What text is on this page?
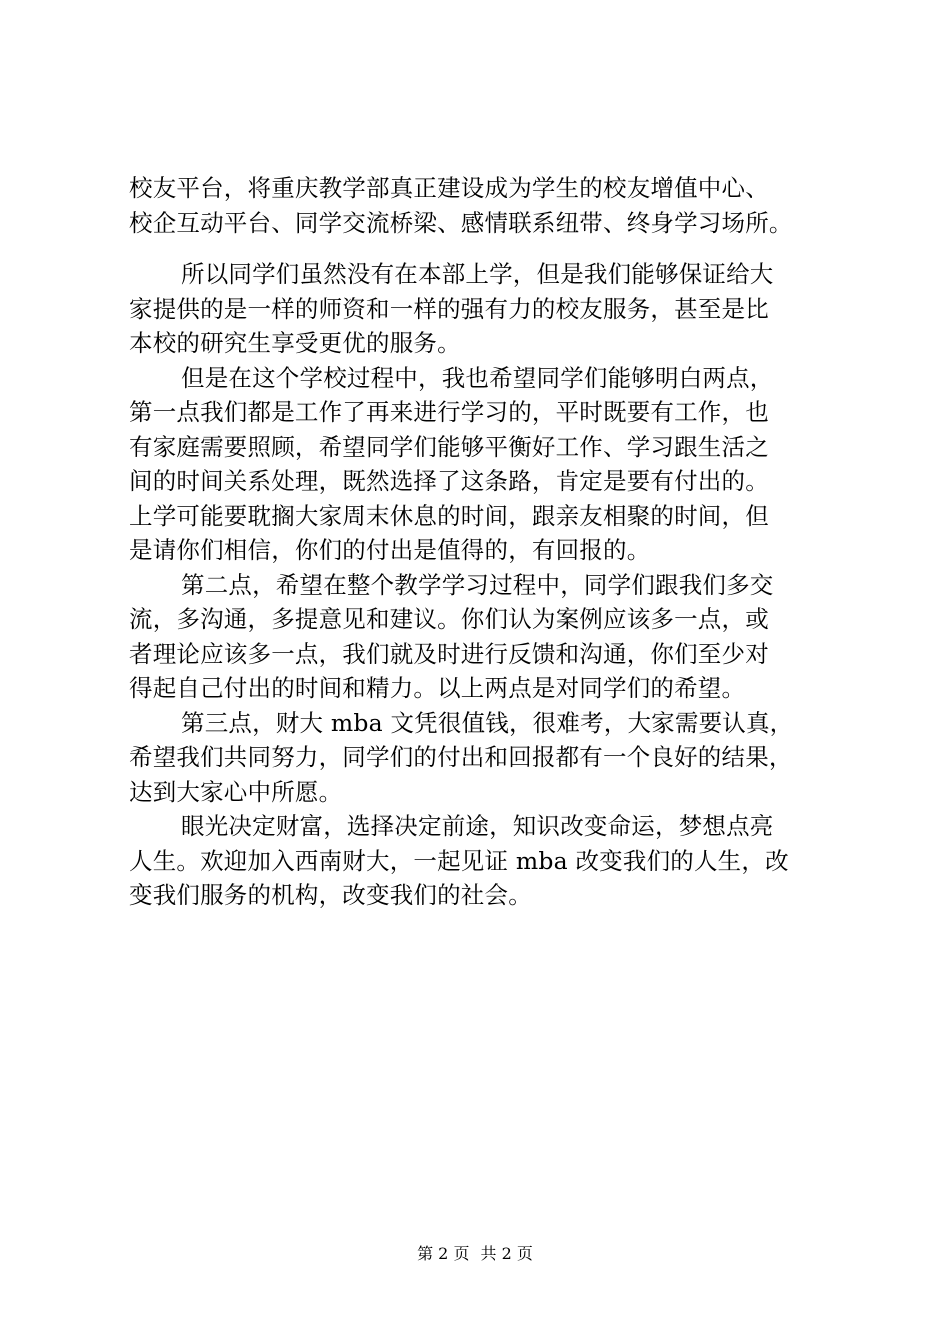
校友平台，将重庆教学部真正建设成为学生的校友增值中心、
校企互动平台、同学交流桥梁、感情联系纽带、终身学习场所。
所以同学们虽然没有在本部上学，但是我们能够保证给大
家提供的是一样的师资和一样的强有力的校友服务，甚至是比
本校的研究生享受更优的服务。
但是在这个学校过程中，我也希望同学们能够明白两点，
第一点我们都是工作了再来进行学习的，平时既要有工作，也
有家庭需要照顾，希望同学们能够平衡好工作、学习跟生活之
间的时间关系处理，既然选择了这条路，肯定是要有付出的。
上学可能要耽搁大家周末休息的时间，跟亲友相聚的时间，但
是请你们相信，你们的付出是值得的，有回报的。
第二点，希望在整个教学学习过程中，同学们跟我们多交
流，多沟通，多提意见和建议。你们认为案例应该多一点，或
者理论应该多一点，我们就及时进行反馈和沟通，你们至少对
得起自己付出的时间和精力。以上两点是对同学们的希望。
第三点，财大 mba 文凭很值钱，很难考，大家需要认真，
希望我们共同努力，同学们的付出和回报都有一个良好的结果，
达到大家心中所愿。
眼光决定财富，选择决定前途，知识改变命运，梦想点亮
人生。欢迎加入西南财大，一起见证 mba 改变我们的人生，改
变我们服务的机构，改变我们的社会。
第 2 页 共 2 页
